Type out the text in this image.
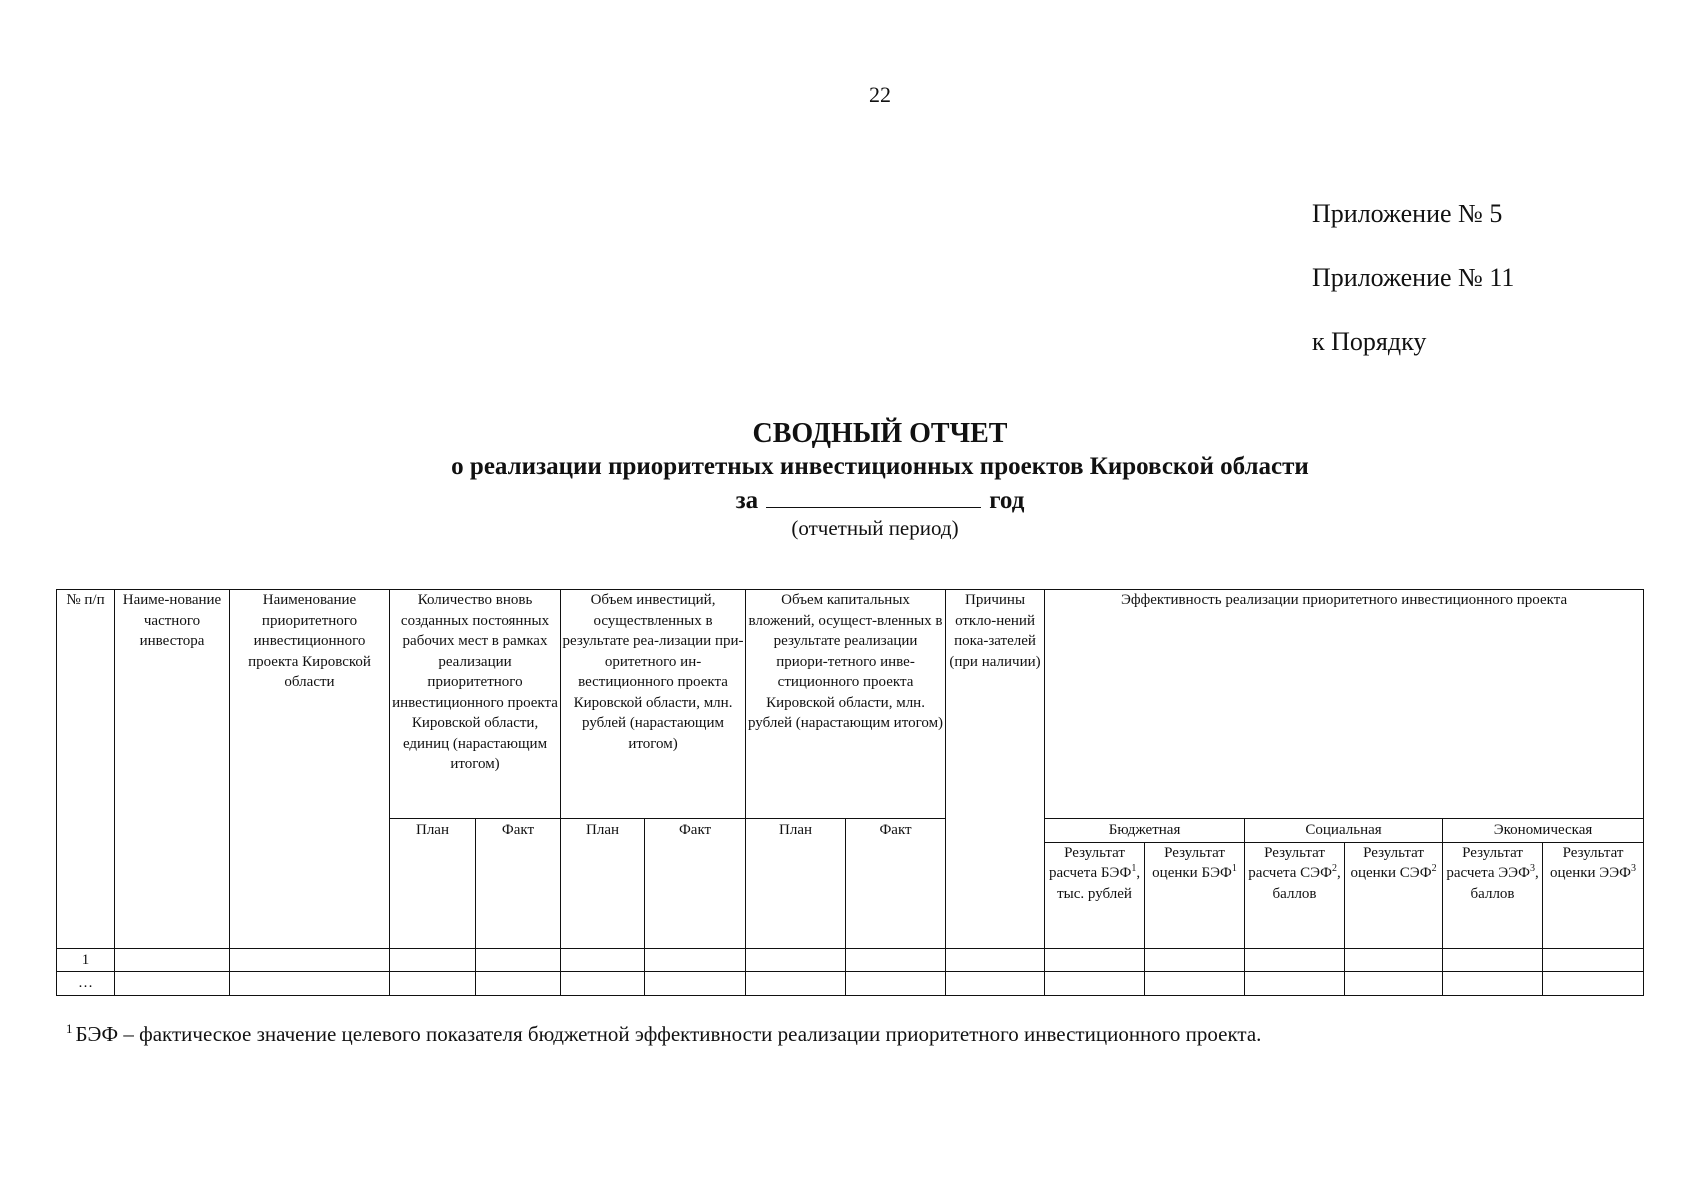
22
Приложение № 5
Приложение № 11
к Порядку
СВОДНЫЙ ОТЧЕТ
о реализации приоритетных инвестиционных проектов Кировской области
за	год
(отчетный период)
№ п/п	Наиме-нование частного инвестора	Наименование приоритетного инвестиционного проекта Кировской области	Количество вновь созданных постоянных рабочих мест в рамках реализации приоритетного инвестиционного проекта Кировской области, единиц (нарастающим итогом)		Объем инвестиций, осуществленных в результате реа-лизации при-оритетного ин-вестиционного проекта Кировской области, млн. рублей (нарастающим итогом)		Объем капитальных вложений, осущест-вленных в результате реализации приори-тетного инве-стиционного проекта Кировской области, млн. рублей (нарастающим итогом)		Причины откло-нений пока-зателей (при наличии)	Эффективность реализации приоритетного инвестиционного проекта					
			План	Факт	План	Факт	План	Факт		Бюджетная		Социальная		Экономическая	
										Результат расчета БЭФ$^1$, тыс. рублей	Результат оценки БЭФ$^1$	Результат расчета СЭФ$^2$, баллов	Результат оценки СЭФ$^2$	Результат расчета ЭЭФ$^3$, баллов	Результат оценки ЭЭФ$^3$
1															
…															
$^1$ БЭФ – фактическое значение целевого показателя бюджетной эффективности реализации приоритетного инвестиционного проекта.
